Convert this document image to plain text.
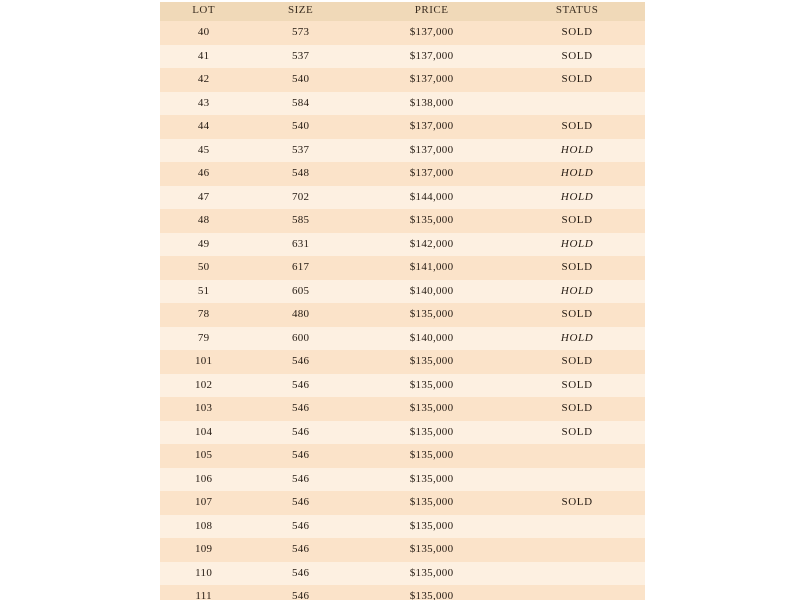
LOT	SIZE	PRICE	STATUS
40	573	$137,000	SOLD
41	537	$137,000	SOLD
42	540	$137,000	SOLD
43	584	$138,000	
44	540	$137,000	SOLD
45	537	$137,000	HOLD
46	548	$137,000	HOLD
47	702	$144,000	HOLD
48	585	$135,000	SOLD
49	631	$142,000	HOLD
50	617	$141,000	SOLD
51	605	$140,000	HOLD
78	480	$135,000	SOLD
79	600	$140,000	HOLD
101	546	$135,000	SOLD
102	546	$135,000	SOLD
103	546	$135,000	SOLD
104	546	$135,000	SOLD
105	546	$135,000	
106	546	$135,000	
107	546	$135,000	SOLD
108	546	$135,000	
109	546	$135,000	
110	546	$135,000	
111	546	$135,000	
